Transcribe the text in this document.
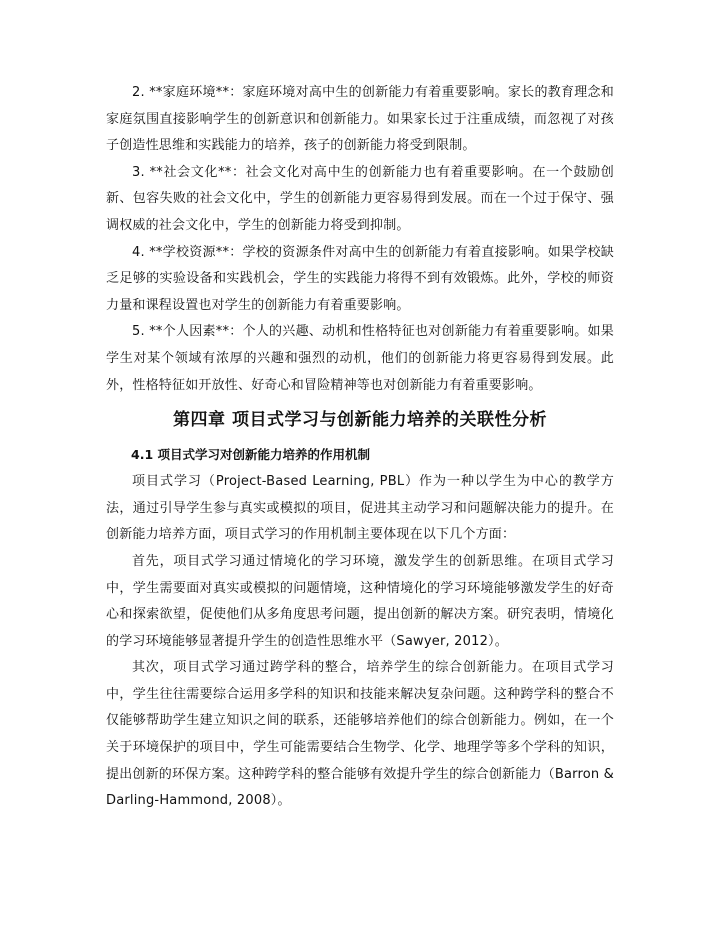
2. **家庭环境**：家庭环境对高中生的创新能力有着重要影响。家长的教育理念和家庭氛围直接影响学生的创新意识和创新能力。如果家长过于注重成绩，而忽视了对孩子创造性思维和实践能力的培养，孩子的创新能力将受到限制。

3. **社会文化**：社会文化对高中生的创新能力也有着重要影响。在一个鼓励创新、包容失败的社会文化中，学生的创新能力更容易得到发展。而在一个过于保守、强调权威的社会文化中，学生的创新能力将受到抑制。

4. **学校资源**：学校的资源条件对高中生的创新能力有着直接影响。如果学校缺乏足够的实验设备和实践机会，学生的实践能力将得不到有效锻炼。此外，学校的师资力量和课程设置也对学生的创新能力有着重要影响。

5. **个人因素**：个人的兴趣、动机和性格特征也对创新能力有着重要影响。如果学生对某个领域有浓厚的兴趣和强烈的动机，他们的创新能力将更容易得到发展。此外，性格特征如开放性、好奇心和冒险精神等也对创新能力有着重要影响。

第四章 项目式学习与创新能力培养的关联性分析
4.1 项目式学习对创新能力培养的作用机制

项目式学习（Project-Based Learning, PBL）作为一种以学生为中心的教学方法，通过引导学生参与真实或模拟的项目，促进其主动学习和问题解决能力的提升。在创新能力培养方面，项目式学习的作用机制主要体现在以下几个方面：

首先，项目式学习通过情境化的学习环境，激发学生的创新思维。在项目式学习中，学生需要面对真实或模拟的问题情境，这种情境化的学习环境能够激发学生的好奇心和探索欲望，促使他们从多角度思考问题，提出创新的解决方案。研究表明，情境化的学习环境能够显著提升学生的创造性思维水平（Sawyer, 2012）。

其次，项目式学习通过跨学科的整合，培养学生的综合创新能力。在项目式学习中，学生往往需要综合运用多学科的知识和技能来解决复杂问题。这种跨学科的整合不仅能够帮助学生建立知识之间的联系，还能够培养他们的综合创新能力。例如，在一个关于环境保护的项目中，学生可能需要结合生物学、化学、地理学等多个学科的知识，提出创新的环保方案。这种跨学科的整合能够有效提升学生的综合创新能力（Barron & Darling-Hammond, 2008）。
